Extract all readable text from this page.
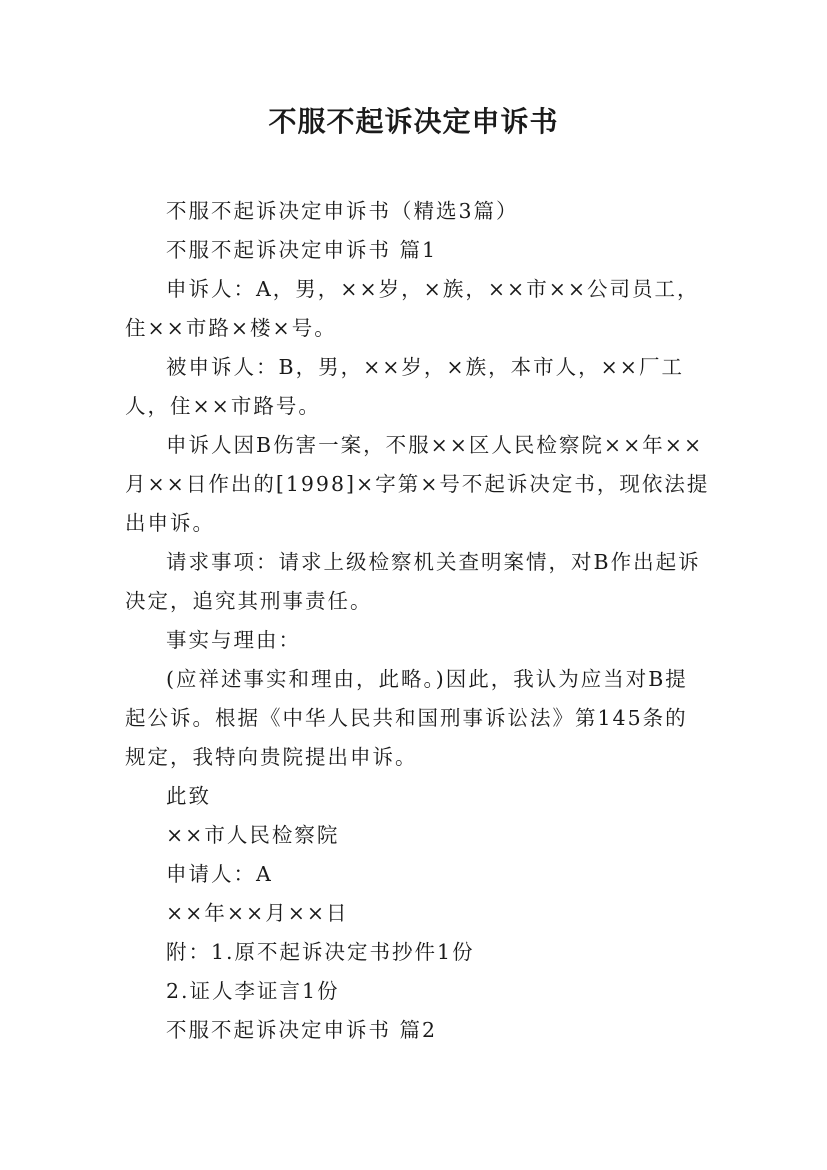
不服不起诉决定申诉书

不服不起诉决定申诉书（精选3篇）

不服不起诉决定申诉书 篇1

申诉人：A，男，××岁，×族，××市××公司员工，住××市路×楼×号。

被申诉人：B，男，××岁，×族，本市人，××厂工人，住××市路号。

申诉人因B伤害一案，不服××区人民检察院××年××月××日作出的[1998]×字第×号不起诉决定书，现依法提出申诉。

请求事项：请求上级检察机关查明案情，对B作出起诉决定，追究其刑事责任。

事实与理由：

(应祥述事实和理由，此略。)因此，我认为应当对B提起公诉。根据《中华人民共和国刑事诉讼法》第145条的规定，我特向贵院提出申诉。

此致

××市人民检察院

申请人：A

××年××月××日

附：1.原不起诉决定书抄件1份

2.证人李证言1份

不服不起诉决定申诉书 篇2
